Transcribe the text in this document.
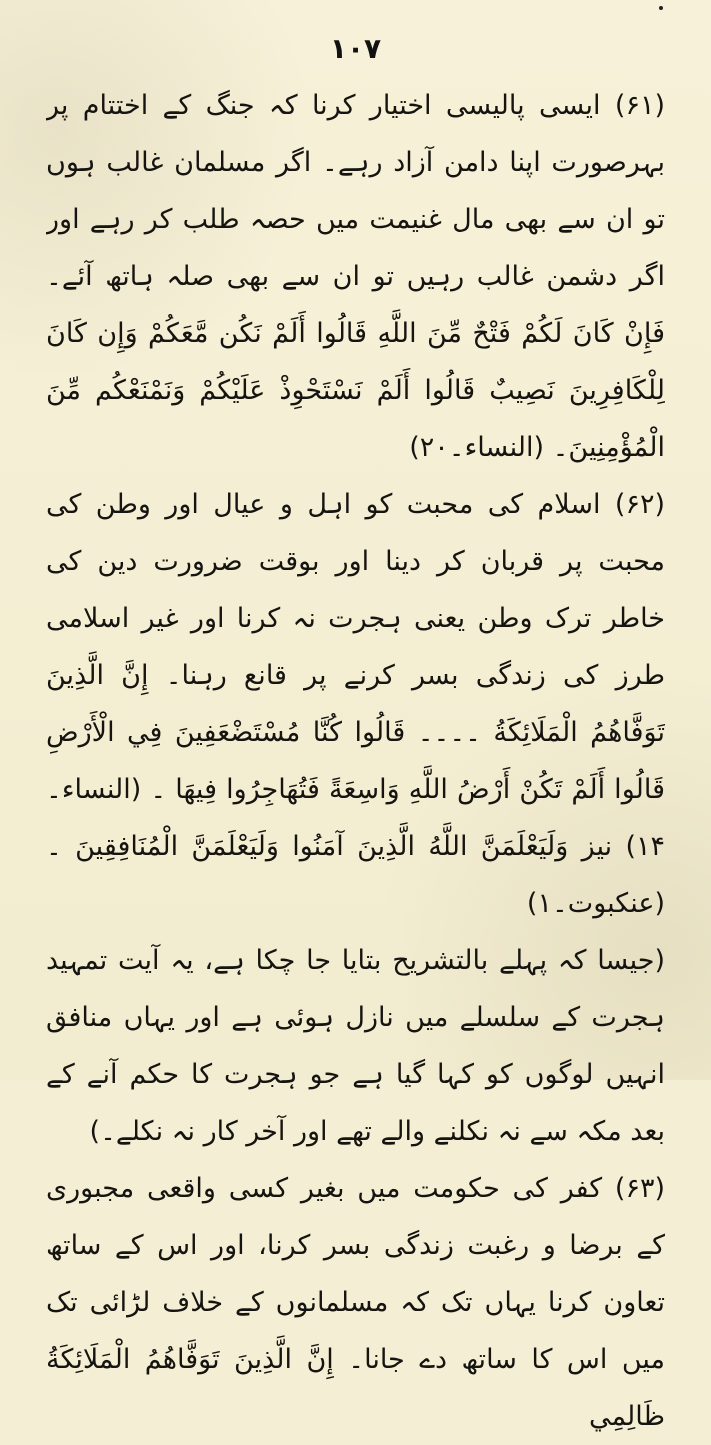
۱۰۷

(۶۱) ایسی پالیسی اختیار کرنا کہ جنگ کے اختتام پر بہرصورت اپنا دامن آزاد رہے۔ اگر مسلمان غالب ہوں تو ان سے بھی مال غنیمت میں حصہ طلب کر رہے اور اگر دشمن غالب رہیں تو ان سے بھی صلہ ہاتھ آئے۔ فَإِنْ كَانَ لَكُمْ فَتْحٌ مِّنَ اللَّهِ قَالُوا أَلَمْ نَكُن مَّعَكُمْ وَإِن كَانَ لِلْكَافِرِينَ نَصِيبٌ قَالُوا أَلَمْ نَسْتَحْوِذْ عَلَيْكُمْ وَنَمْنَعْكُم مِّنَ الْمُؤْمِنِينَ۔ (النساء۔۲۰)

(۶۲) اسلام کی محبت کو اہل و عیال اور وطن کی محبت پر قربان کر دینا اور بوقت ضرورت دین کی خاطر ترک وطن یعنی ہجرت نہ کرنا اور غیر اسلامی طرز کی زندگی بسر کرنے پر قانع رہنا۔ إِنَّ الَّذِينَ تَوَفَّاهُمُ الْمَلَائِكَةُ ۔۔۔۔ قَالُوا كُنَّا مُسْتَضْعَفِينَ فِي الْأَرْضِ قَالُوا أَلَمْ تَكُنْ أَرْضُ اللَّهِ وَاسِعَةً فَتُهَاجِرُوا فِيهَا ۔ (النساء۔۱۴) نیز وَلَيَعْلَمَنَّ اللَّهُ الَّذِينَ آمَنُوا وَلَيَعْلَمَنَّ الْمُنَافِقِينَ ۔ (عنکبوت۔۱)

(جیسا کہ پہلے بالتشریح بتایا جا چکا ہے، یہ آیت تمہید ہجرت کے سلسلے میں نازل ہوئی ہے اور یہاں منافق انہیں لوگوں کو کہا گیا ہے جو ہجرت کا حکم آنے کے بعد مکہ سے نہ نکلنے والے تھے اور آخر کار نہ نکلے۔)

(۶۳) کفر کی حکومت میں بغیر کسی واقعی مجبوری کے برضا و رغبت زندگی بسر کرنا، اور اس کے ساتھ تعاون کرنا یہاں تک کہ مسلمانوں کے خلاف لڑائی تک میں اس کا ساتھ دے جانا۔ إِنَّ الَّذِينَ تَوَفَّاهُمُ الْمَلَائِكَةُ ظَالِمِي
